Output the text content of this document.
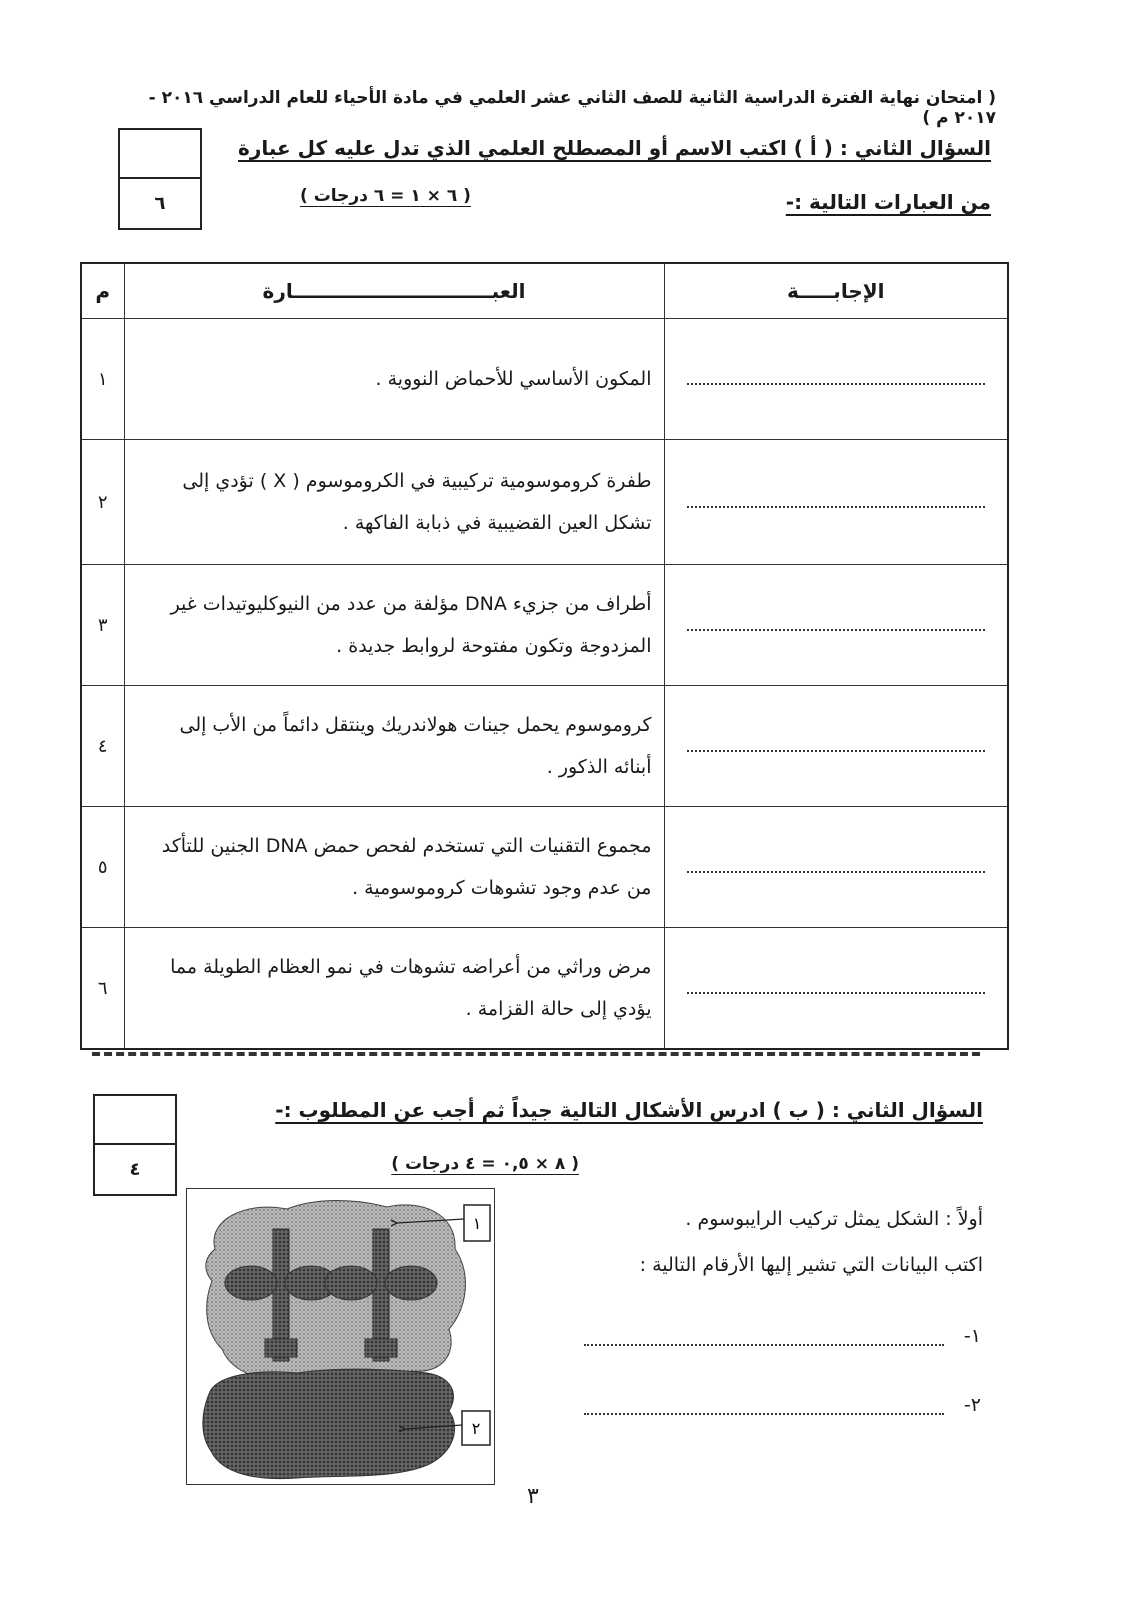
( امتحان نهاية الفترة الدراسية الثانية للصف الثاني عشر العلمي في مادة الأحياء للعام الدراسي ٢٠١٦ - ٢٠١٧ م )
٦
السؤال الثاني : ( أ ) اكتب الاسم أو المصطلح العلمي الذي تدل عليه كل عبارة
من العبارات التالية :-
( ٦ × ١ = ٦ درجات )
الإجابـــــة	العبـــــــــــــــــــــــــــــارة	م

	المكون الأساسي للأحماض النووية .	١

	طفرة كروموسومية تركيبية في الكروموسوم ( X ) تؤدي إلى تشكل العين القضيبية في ذبابة الفاكهة .	٢

	أطراف من جزيء DNA مؤلفة من عدد من النيوكليوتيدات غير المزدوجة وتكون مفتوحة لروابط جديدة .	٣

	كروموسوم يحمل جينات هولاندريك وينتقل دائماً من الأب إلى أبنائه الذكور .	٤

	مجموع التقنيات التي تستخدم لفحص حمض DNA الجنين للتأكد من عدم وجود تشوهات كروموسومية .	٥

	مرض وراثي من أعراضه تشوهات في نمو العظام الطويلة مما يؤدي إلى حالة القزامة .	٦
٤
السؤال الثاني : ( ب ) ادرس الأشكال التالية جيداً ثم أجب عن المطلوب :-
( ٨ × ٠,٥ = ٤ درجات )
١
٢
أولاً : الشكل يمثل تركيب الرايبوسوم .
اكتب البيانات التي تشير إليها الأرقام التالية :
١-
٢-
٣
